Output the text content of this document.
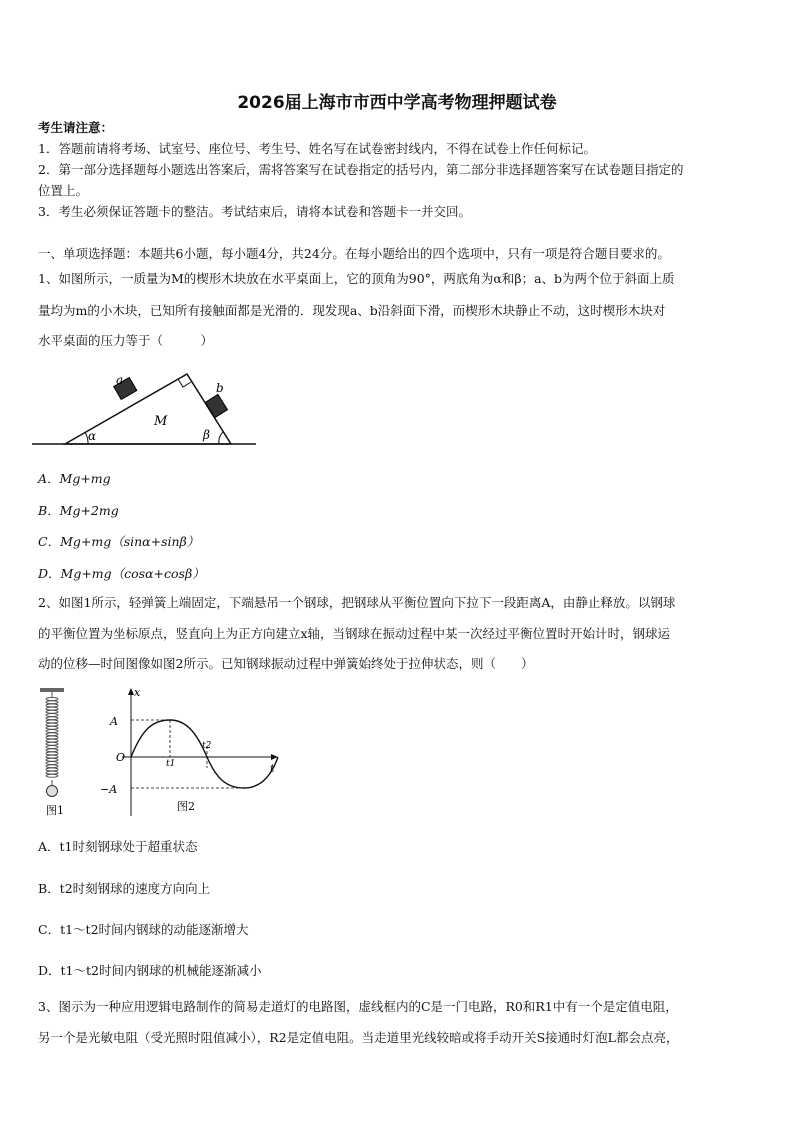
2026届上海市市西中学高考物理押题试卷
考生请注意：
1．答题前请将考场、试室号、座位号、考生号、姓名写在试卷密封线内，不得在试卷上作任何标记。
2．第一部分选择题每小题选出答案后，需将答案写在试卷指定的括号内，第二部分非选择题答案写在试卷题目指定的
位置上。
3．考生必须保证答题卡的整洁。考试结束后，请将本试卷和答题卡一并交回。
一、单项选择题：本题共6小题，每小题4分，共24分。在每小题给出的四个选项中，只有一项是符合题目要求的。
1、如图所示，一质量为M的楔形木块放在水平桌面上，它的顶角为90°，两底角为α和β；a、b为两个位于斜面上质
量均为m的小木块，已知所有接触面都是光滑的．现发现a、b沿斜面下滑，而楔形木块静止不动，这时楔形木块对
水平桌面的压力等于（　　　）
a
b
M
α	β
A．Mg+mg
B．Mg+2mg
C．Mg+mg（sinα+sinβ）
D．Mg+mg（cosα+cosβ）
2、如图1所示，轻弹簧上端固定，下端悬吊一个钢球，把钢球从平衡位置向下拉下一段距离A，由静止释放。以钢球
的平衡位置为坐标原点，竖直向上为正方向建立x轴，当钢球在振动过程中某一次经过平衡位置时开始计时，钢球运
动的位移—时间图像如图2所示。已知钢球振动过程中弹簧始终处于拉伸状态，则（　　）
图1
x
t
O
A
−A
t1
t2
图2
A．t1时刻钢球处于超重状态
B．t2时刻钢球的速度方向向上
C．t1～t2时间内钢球的动能逐渐增大
D．t1～t2时间内钢球的机械能逐渐减小
3、图示为一种应用逻辑电路制作的简易走道灯的电路图，虚线框内的C是一门电路，R0和R1中有一个是定值电阻，
另一个是光敏电阻（受光照时阻值减小），R2是定值电阻。当走道里光线较暗或将手动开关S接通时灯泡L都会点亮，
